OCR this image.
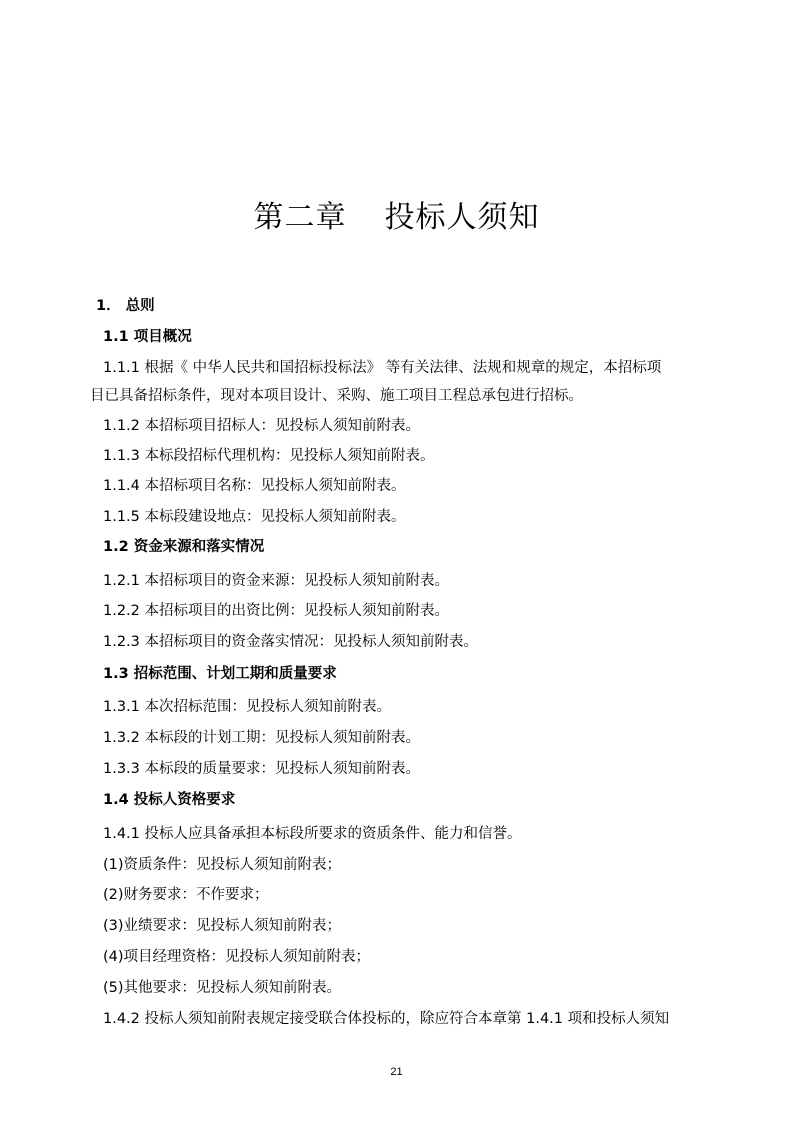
第二章 投标人须知
1． 总则
1.1 项目概况
1.1.1 根据《 中华人民共和国招标投标法》 等有关法律、法规和规章的规定，本招标项
目已具备招标条件，现对本项目设计、采购、施工项目工程总承包进行招标。
1.1.2 本招标项目招标人：见投标人须知前附表。
1.1.3 本标段招标代理机构：见投标人须知前附表。
1.1.4 本招标项目名称：见投标人须知前附表。
1.1.5 本标段建设地点：见投标人须知前附表。
1.2 资金来源和落实情况
1.2.1 本招标项目的资金来源：见投标人须知前附表。
1.2.2 本招标项目的出资比例：见投标人须知前附表。
1.2.3 本招标项目的资金落实情况：见投标人须知前附表。
1.3 招标范围、计划工期和质量要求
1.3.1 本次招标范围：见投标人须知前附表。
1.3.2 本标段的计划工期：见投标人须知前附表。
1.3.3 本标段的质量要求：见投标人须知前附表。
1.4 投标人资格要求
1.4.1 投标人应具备承担本标段所要求的资质条件、能力和信誉。
(1)资质条件：见投标人须知前附表；
(2)财务要求：不作要求；
(3)业绩要求：见投标人须知前附表；
(4)项目经理资格：见投标人须知前附表；
(5)其他要求：见投标人须知前附表。
1.4.2 投标人须知前附表规定接受联合体投标的，除应符合本章第 1.4.1 项和投标人须知
21
